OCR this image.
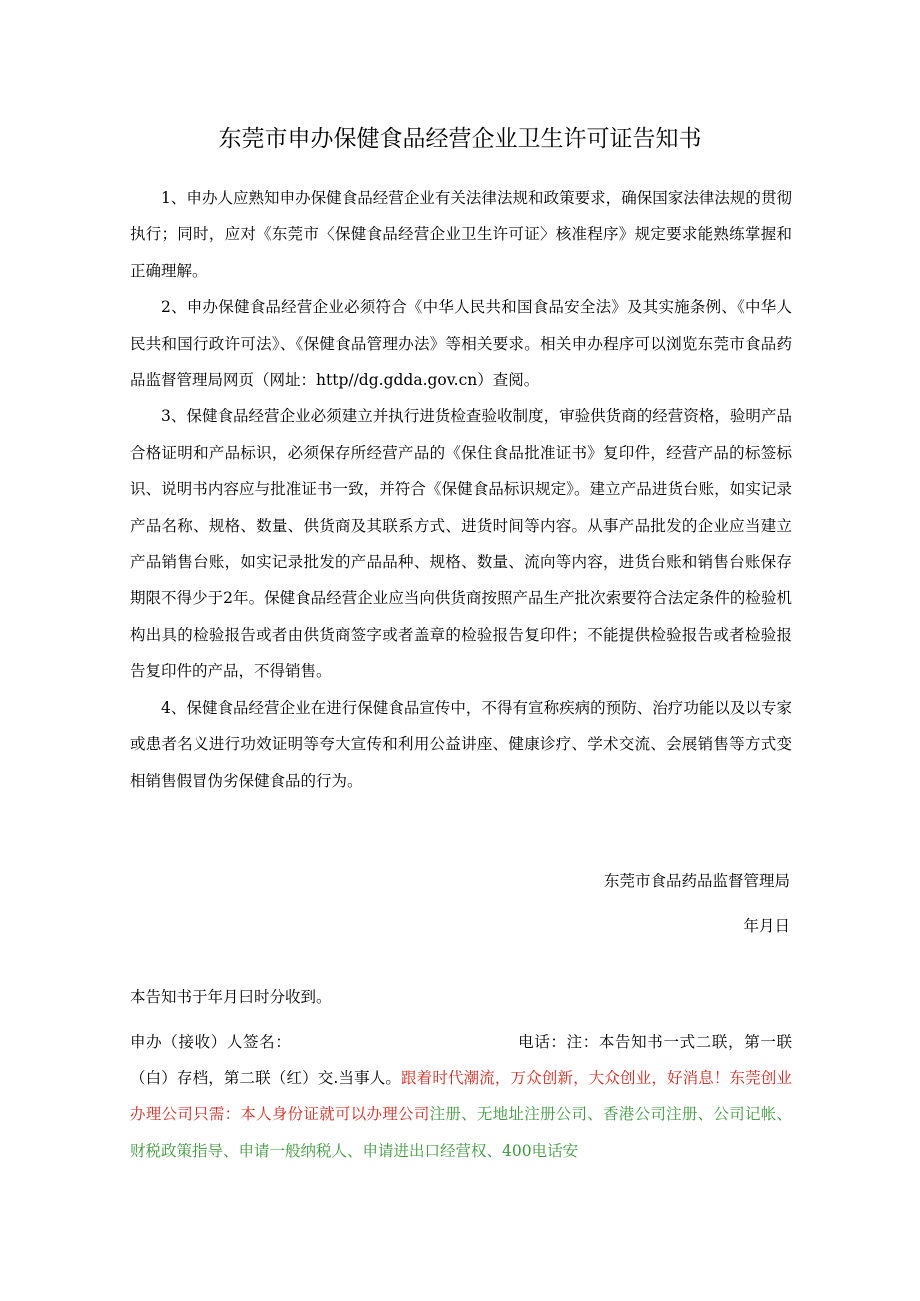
东莞市申办保健食品经营企业卫生许可证告知书

1、申办人应熟知申办保健食品经营企业有关法律法规和政策要求，确保国家法律法规的贯彻执行；同时，应对《东莞市〈保健食品经营企业卫生许可证〉核准程序》规定要求能熟练掌握和正确理解。

2、申办保健食品经营企业必须符合《中华人民共和国食品安全法》及其实施条例、《中华人民共和国行政许可法》、《保健食品管理办法》等相关要求。相关申办程序可以浏览东莞市食品药品监督管理局网页（网址：http//dg.gdda.gov.cn）查阅。

3、保健食品经营企业必须建立并执行进货检查验收制度，审验供货商的经营资格，验明产品合格证明和产品标识，必须保存所经营产品的《保住食品批准证书》复印件，经营产品的标签标识、说明书内容应与批准证书一致，并符合《保健食品标识规定》。建立产品进货台账，如实记录产品名称、规格、数量、供货商及其联系方式、进货时间等内容。从事产品批发的企业应当建立产品销售台账，如实记录批发的产品品种、规格、数量、流向等内容，进货台账和销售台账保存期限不得少于2年。保健食品经营企业应当向供货商按照产品生产批次索要符合法定条件的检验机构出具的检验报告或者由供货商签字或者盖章的检验报告复印件；不能提供检验报告或者检验报告复印件的产品，不得销售。

4、保健食品经营企业在进行保健食品宣传中，不得有宣称疾病的预防、治疗功能以及以专家或患者名义进行功效证明等夸大宣传和利用公益讲座、健康诊疗、学术交流、会展销售等方式变相销售假冒伪劣保健食品的行为。

东莞市食品药品监督管理局
年月日
本告知书于年月曰时分收到。

申办（接收）人签名：	电话：注：本告知书一式二联，第一联（白）存档，第二联（红）交.当事人。跟着时代潮流，万众创新，大众创业，好消息！东莞创业办理公司只需：本人身份证就可以办理公司注册、无地址注册公司、香港公司注册、公司记帐、财税政策指导、申请一般纳税人、申请进出口经营权、400电话安
